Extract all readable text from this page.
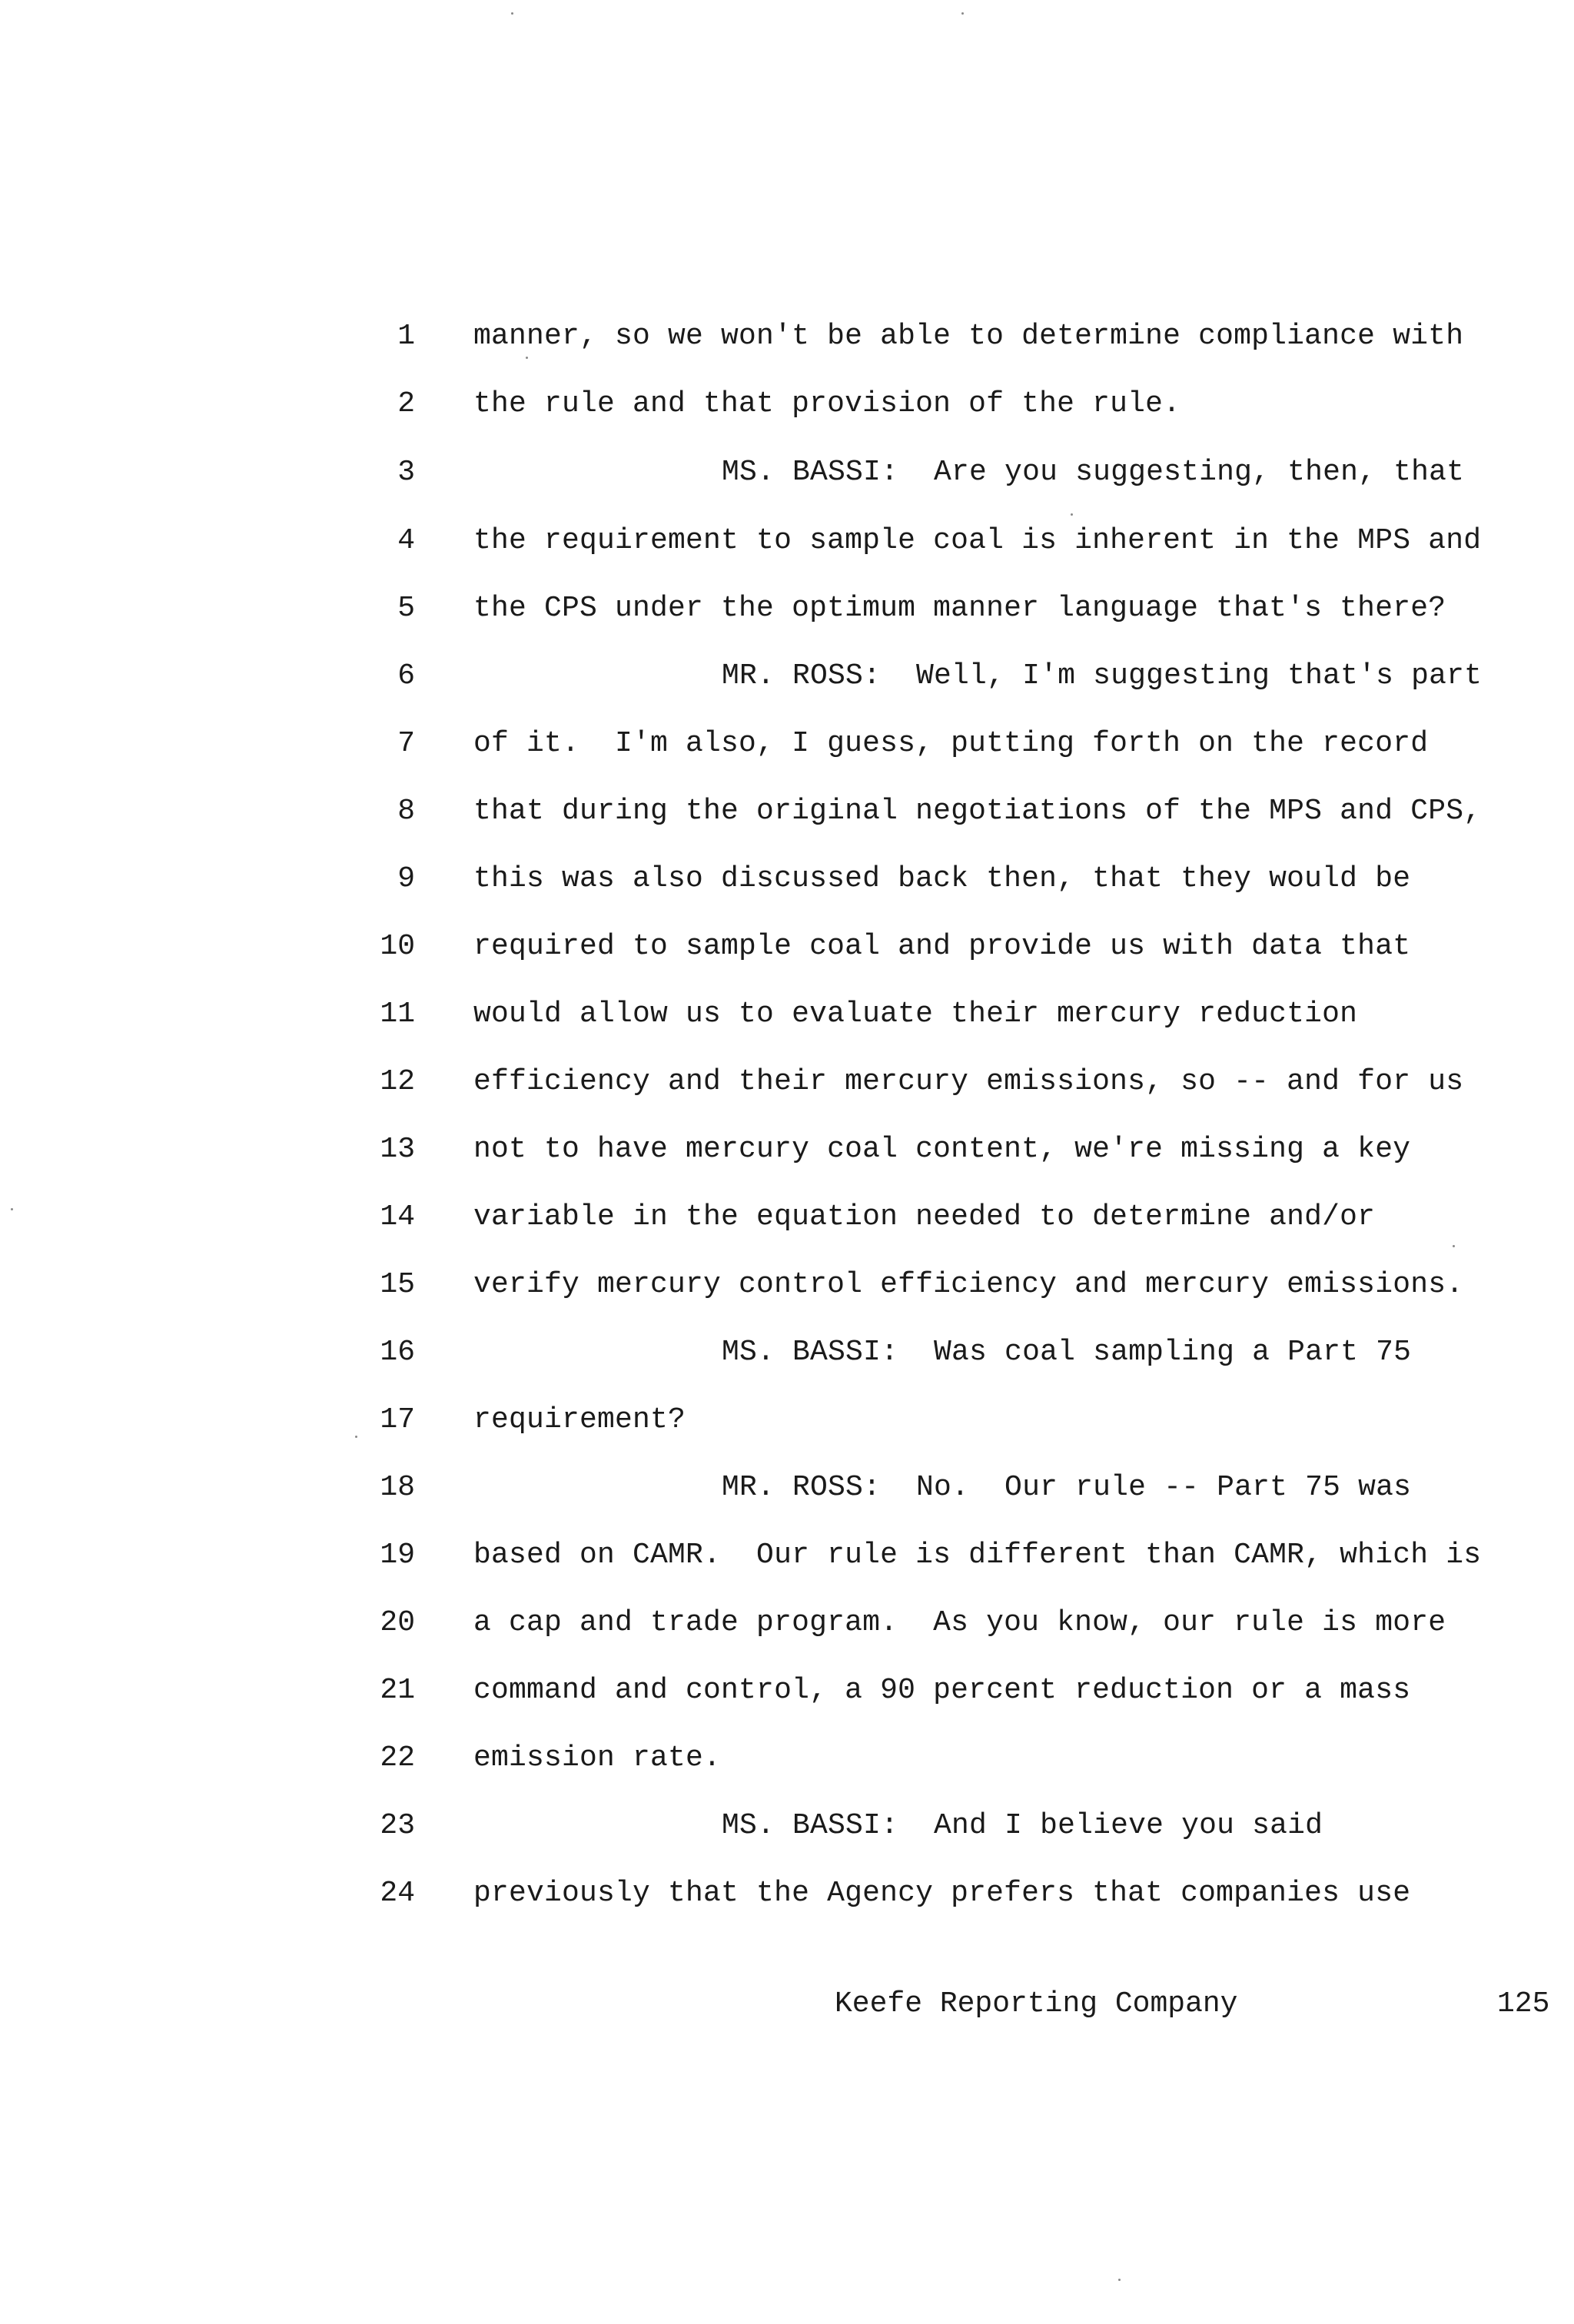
1 manner, so we won't be able to determine compliance with
2 the rule and that provision of the rule.
3	MS. BASSI:  Are you suggesting, then, that
4 the requirement to sample coal is inherent in the MPS and
5 the CPS under the optimum manner language that's there?
6	MR. ROSS:  Well, I'm suggesting that's part
7 of it.  I'm also, I guess, putting forth on the record
8 that during the original negotiations of the MPS and CPS,
9 this was also discussed back then, that they would be
10 required to sample coal and provide us with data that
11 would allow us to evaluate their mercury reduction
12 efficiency and their mercury emissions, so -- and for us
13 not to have mercury coal content, we're missing a key
14 variable in the equation needed to determine and/or
15 verify mercury control efficiency and mercury emissions.
16	MS. BASSI:  Was coal sampling a Part 75
17 requirement?
18	MR. ROSS:  No.  Our rule -- Part 75 was
19 based on CAMR.  Our rule is different than CAMR, which is
20 a cap and trade program.  As you know, our rule is more
21 command and control, a 90 percent reduction or a mass
22 emission rate.
23	MS. BASSI:  And I believe you said
24 previously that the Agency prefers that companies use
Keefe Reporting Company	125
